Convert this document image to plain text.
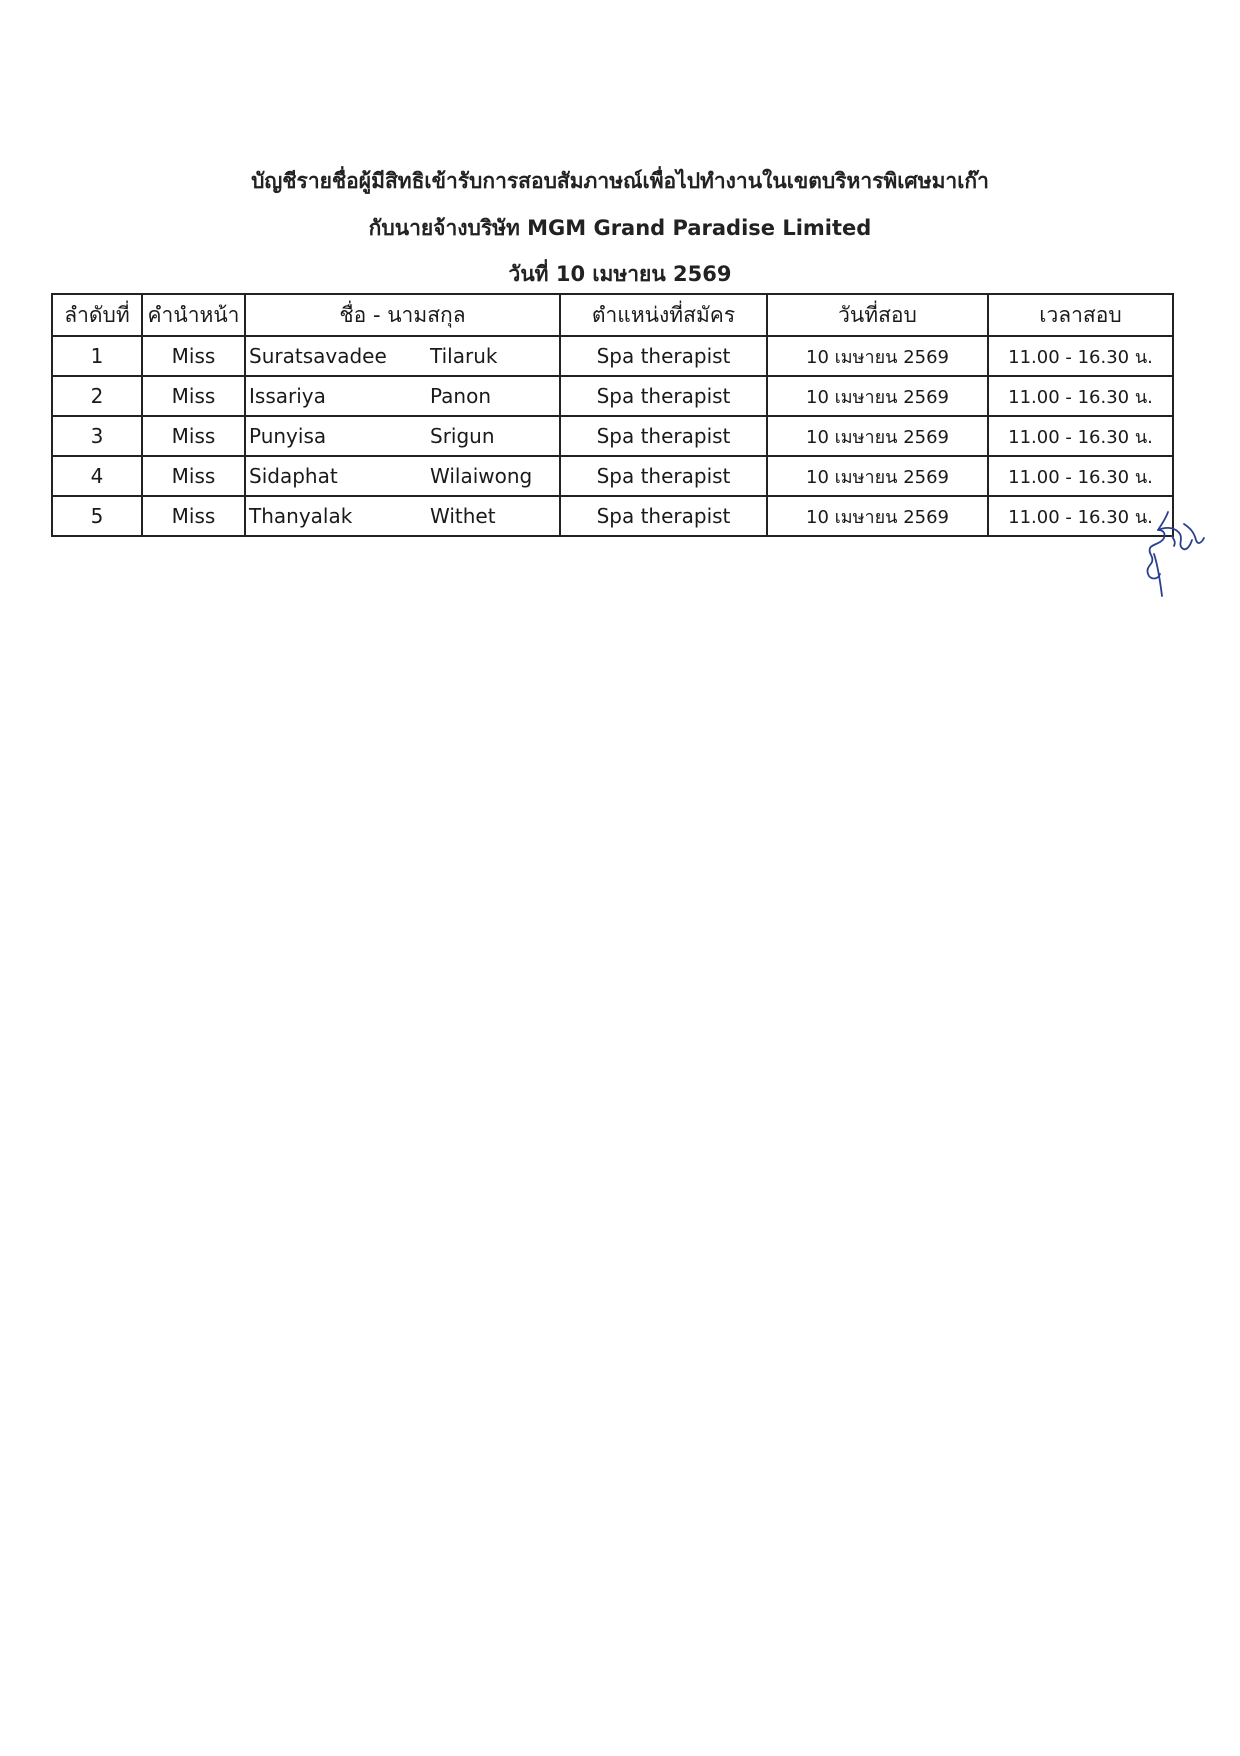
บัญชีรายชื่อผู้มีสิทธิเข้ารับการสอบสัมภาษณ์เพื่อไปทำงานในเขตบริหารพิเศษมาเก๊า
กับนายจ้างบริษัท MGM Grand Paradise Limited
วันที่ 10 เมษายน 2569
ลำดับที่	คำนำหน้า	ชื่อ - นามสกุล	ตำแหน่งที่สมัคร	วันที่สอบ	เวลาสอบ
1	Miss	Suratsavadee Tilaruk	Spa therapist	10 เมษายน 2569	11.00 - 16.30 น.
2	Miss	Issariya Panon	Spa therapist	10 เมษายน 2569	11.00 - 16.30 น.
3	Miss	Punyisa Srigun	Spa therapist	10 เมษายน 2569	11.00 - 16.30 น.
4	Miss	Sidaphat Wilaiwong	Spa therapist	10 เมษายน 2569	11.00 - 16.30 น.
5	Miss	Thanyalak Withet	Spa therapist	10 เมษายน 2569	11.00 - 16.30 น.
